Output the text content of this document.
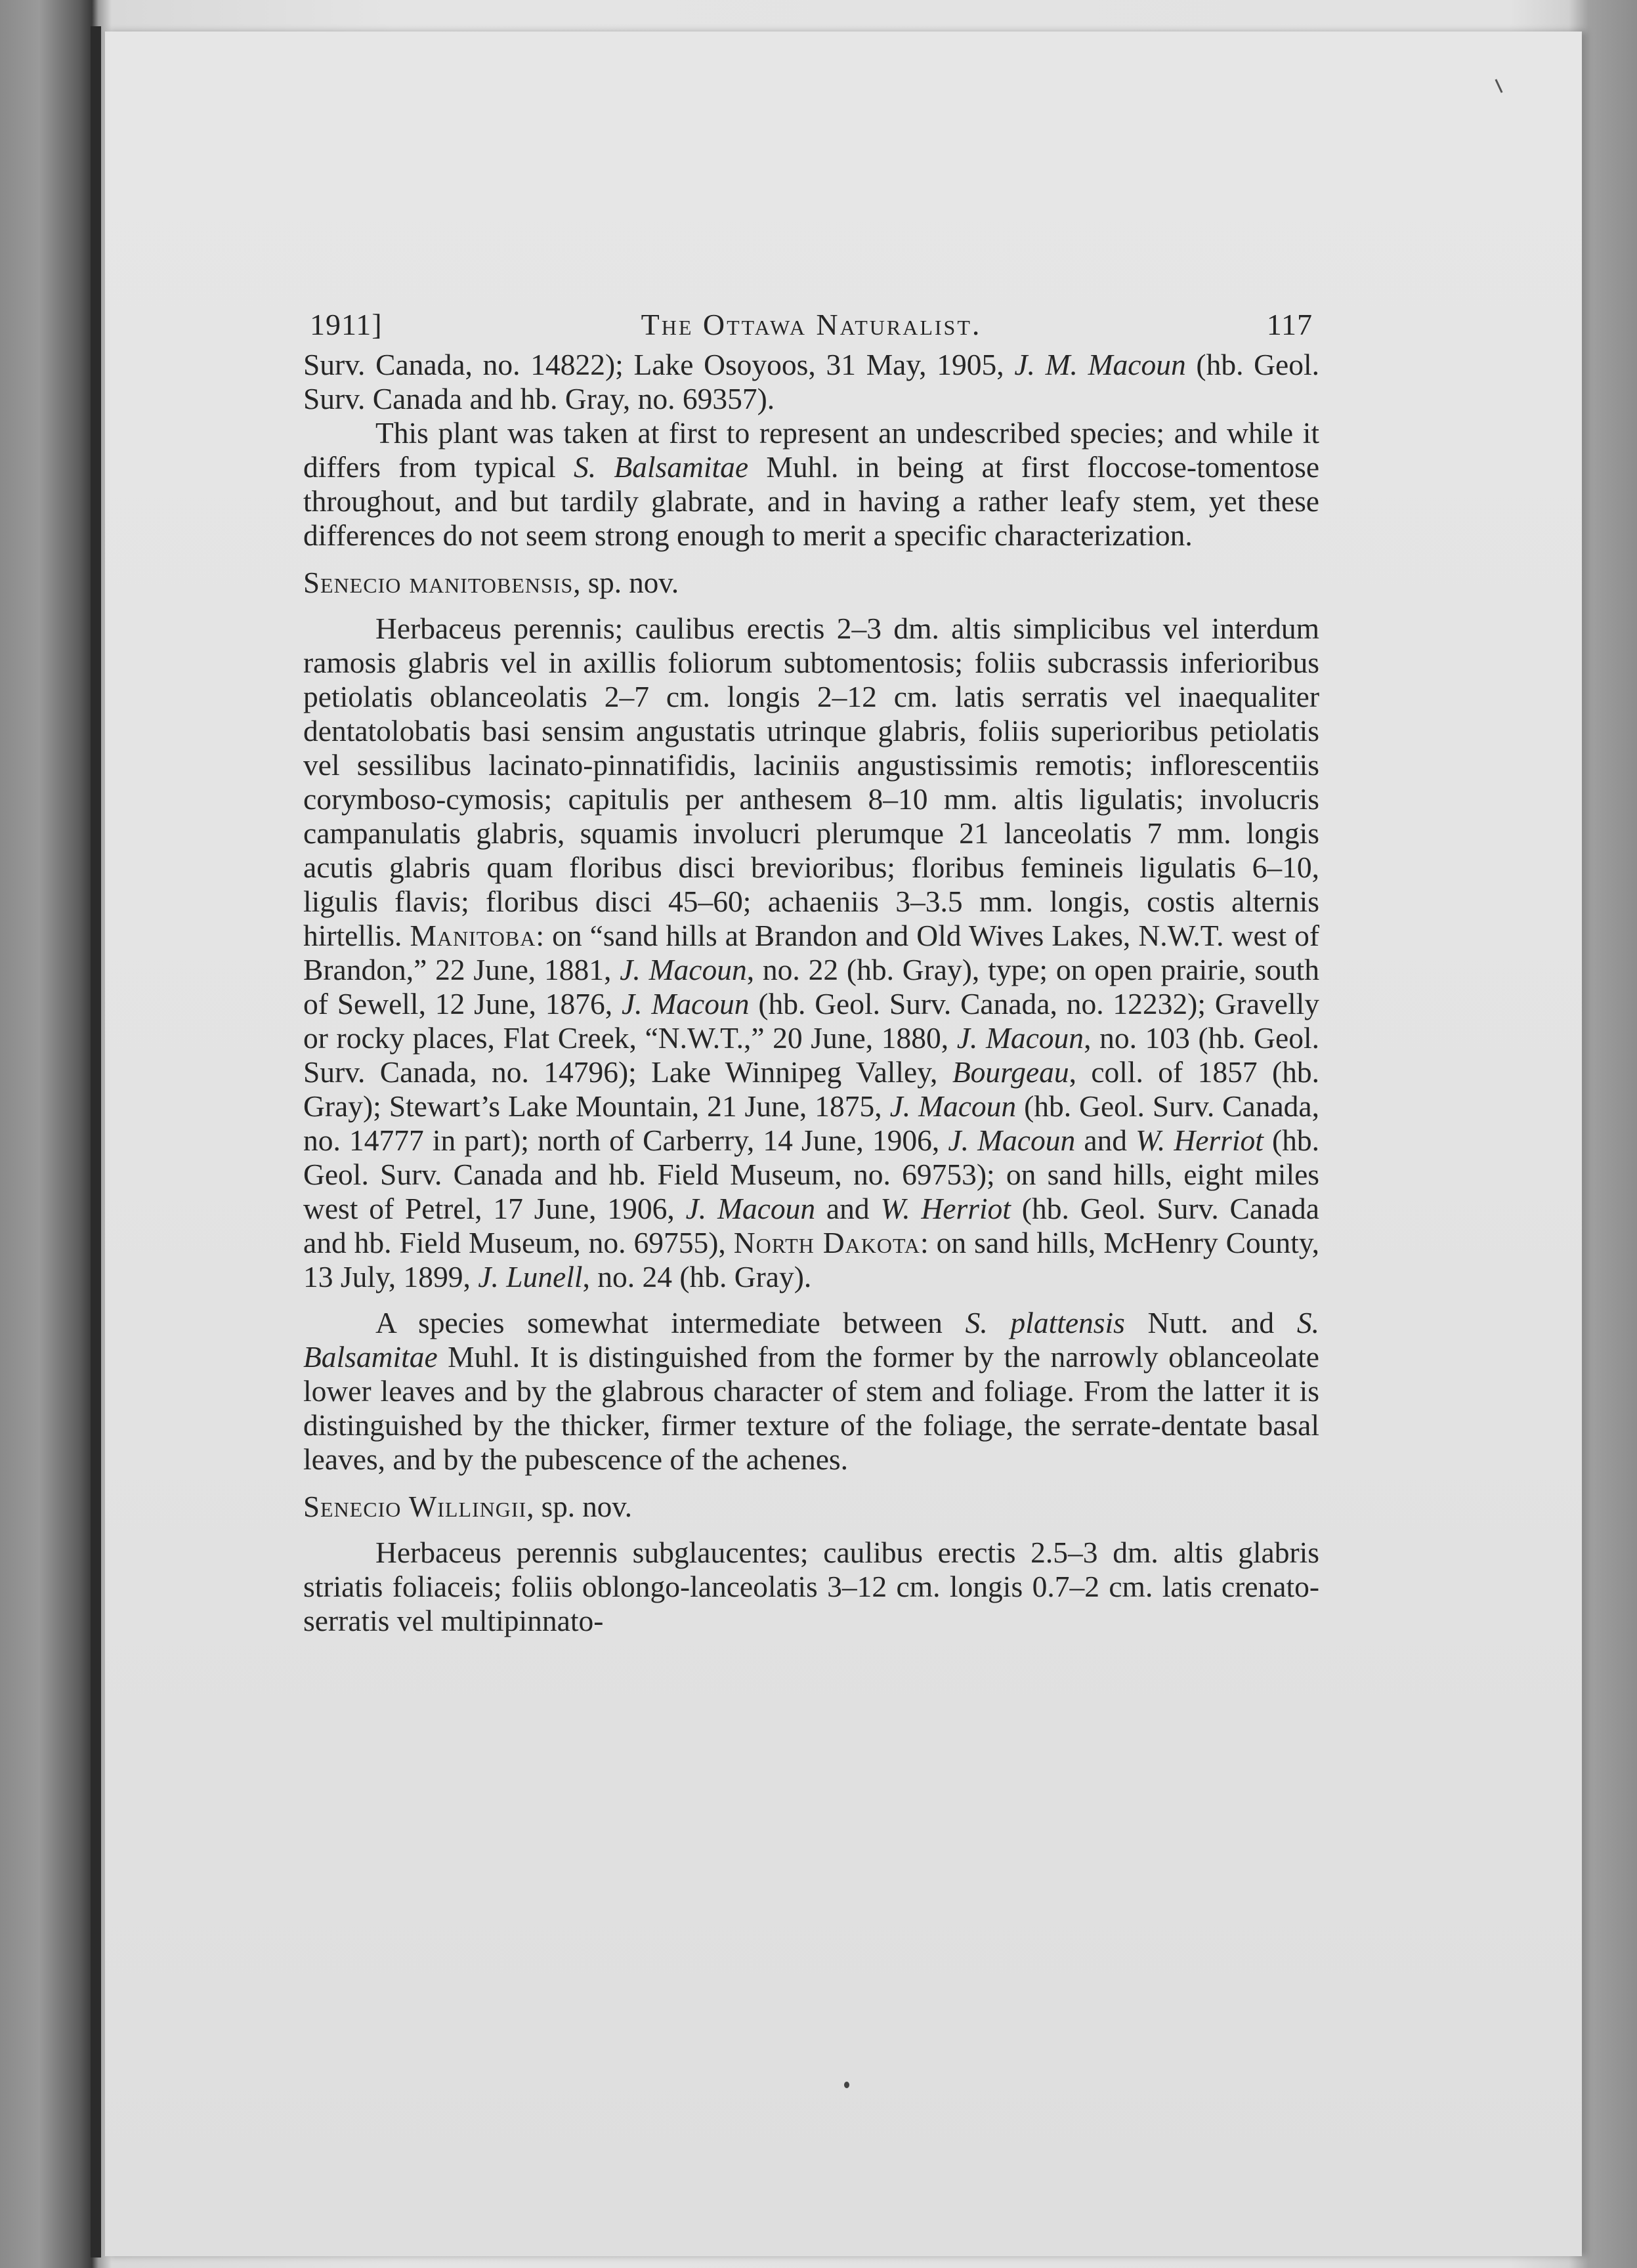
1911]	The Ottawa Naturalist.	117

Surv. Canada, no. 14822); Lake Osoyoos, 31 May, 1905, J. M. Macoun (hb. Geol. Surv. Canada and hb. Gray, no. 69357).

This plant was taken at first to represent an undescribed species; and while it differs from typical S. Balsamitae Muhl. in being at first floccose-tomentose throughout, and but tardily glabrate, and in having a rather leafy stem, yet these differences do not seem strong enough to merit a specific characterization.

Senecio manitobensis, sp. nov.

Herbaceus perennis; caulibus erectis 2–3 dm. altis simplicibus vel interdum ramosis glabris vel in axillis foliorum subtomentosis; foliis subcrassis inferioribus petiolatis oblanceolatis 2–7 cm. longis 2–12 cm. latis serratis vel inaequaliter dentatolobatis basi sensim angustatis utrinque glabris, foliis superioribus petiolatis vel sessilibus lacinato-pinnatifidis, laciniis angustissimis remotis; inflorescentiis corymboso-cymosis; capitulis per anthesem 8–10 mm. altis ligulatis; involucris campanulatis glabris, squamis involucri plerumque 21 lanceolatis 7 mm. longis acutis glabris quam floribus disci brevioribus; floribus femineis ligulatis 6–10, ligulis flavis; floribus disci 45–60; achaeniis 3–3.5 mm. longis, costis alternis hirtellis. Manitoba: on “sand hills at Brandon and Old Wives Lakes, N.W.T. west of Brandon,” 22 June, 1881, J. Macoun, no. 22 (hb. Gray), type; on open prairie, south of Sewell, 12 June, 1876, J. Macoun (hb. Geol. Surv. Canada, no. 12232); Gravelly or rocky places, Flat Creek, “N.W.T.,” 20 June, 1880, J. Macoun, no. 103 (hb. Geol. Surv. Canada, no. 14796); Lake Winnipeg Valley, Bourgeau, coll. of 1857 (hb. Gray); Stewart’s Lake Mountain, 21 June, 1875, J. Macoun (hb. Geol. Surv. Canada, no. 14777 in part); north of Carberry, 14 June, 1906, J. Macoun and W. Herriot (hb. Geol. Surv. Canada and hb. Field Museum, no. 69753); on sand hills, eight miles west of Petrel, 17 June, 1906, J. Macoun and W. Herriot (hb. Geol. Surv. Canada and hb. Field Museum, no. 69755), North Dakota: on sand hills, McHenry County, 13 July, 1899, J. Lunell, no. 24 (hb. Gray).

A species somewhat intermediate between S. plattensis Nutt. and S. Balsamitae Muhl. It is distinguished from the former by the narrowly oblanceolate lower leaves and by the glabrous character of stem and foliage. From the latter it is distinguished by the thicker, firmer texture of the foliage, the serrate-dentate basal leaves, and by the pubescence of the achenes.

Senecio Willingii, sp. nov.

Herbaceus perennis subglaucentes; caulibus erectis 2.5–3 dm. altis glabris striatis foliaceis; foliis oblongo-lanceolatis 3–12 cm. longis 0.7–2 cm. latis crenato-serratis vel multipinnato-
